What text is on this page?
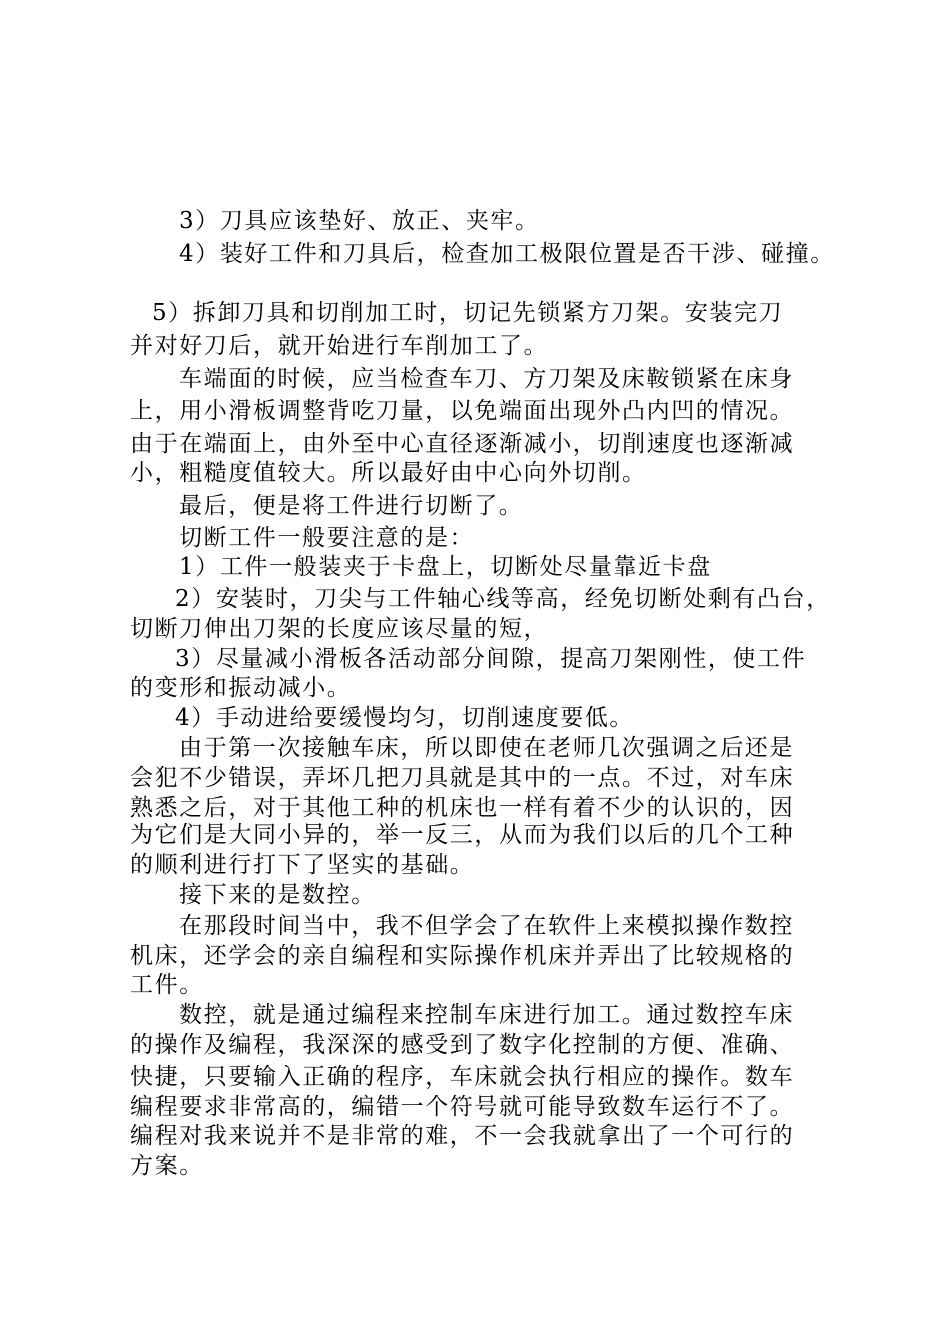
3）刀具应该垫好、放正、夹牢。
4）装好工件和刀具后，检查加工极限位置是否干涉、碰撞。
5）拆卸刀具和切削加工时，切记先锁紧方刀架。安装完刀
并对好刀后，就开始进行车削加工了。
车端面的时候，应当检查车刀、方刀架及床鞍锁紧在床身
上，用小滑板调整背吃刀量，以免端面出现外凸内凹的情况。
由于在端面上，由外至中心直径逐渐减小，切削速度也逐渐减
小，粗糙度值较大。所以最好由中心向外切削。
最后，便是将工件进行切断了。
切断工件一般要注意的是：
1）工件一般装夹于卡盘上，切断处尽量靠近卡盘
2）安装时，刀尖与工件轴心线等高，经免切断处剩有凸台，
切断刀伸出刀架的长度应该尽量的短，
3）尽量减小滑板各活动部分间隙，提高刀架刚性，使工件
的变形和振动减小。
4）手动进给要缓慢均匀，切削速度要低。
由于第一次接触车床，所以即使在老师几次强调之后还是
会犯不少错误，弄坏几把刀具就是其中的一点。不过，对车床
熟悉之后，对于其他工种的机床也一样有着不少的认识的，因
为它们是大同小异的，举一反三，从而为我们以后的几个工种
的顺利进行打下了坚实的基础。
接下来的是数控。
在那段时间当中，我不但学会了在软件上来模拟操作数控
机床，还学会的亲自编程和实际操作机床并弄出了比较规格的
工件。
数控，就是通过编程来控制车床进行加工。通过数控车床
的操作及编程，我深深的感受到了数字化控制的方便、准确、
快捷，只要输入正确的程序，车床就会执行相应的操作。数车
编程要求非常高的，编错一个符号就可能导致数车运行不了。
编程对我来说并不是非常的难，不一会我就拿出了一个可行的
方案。
